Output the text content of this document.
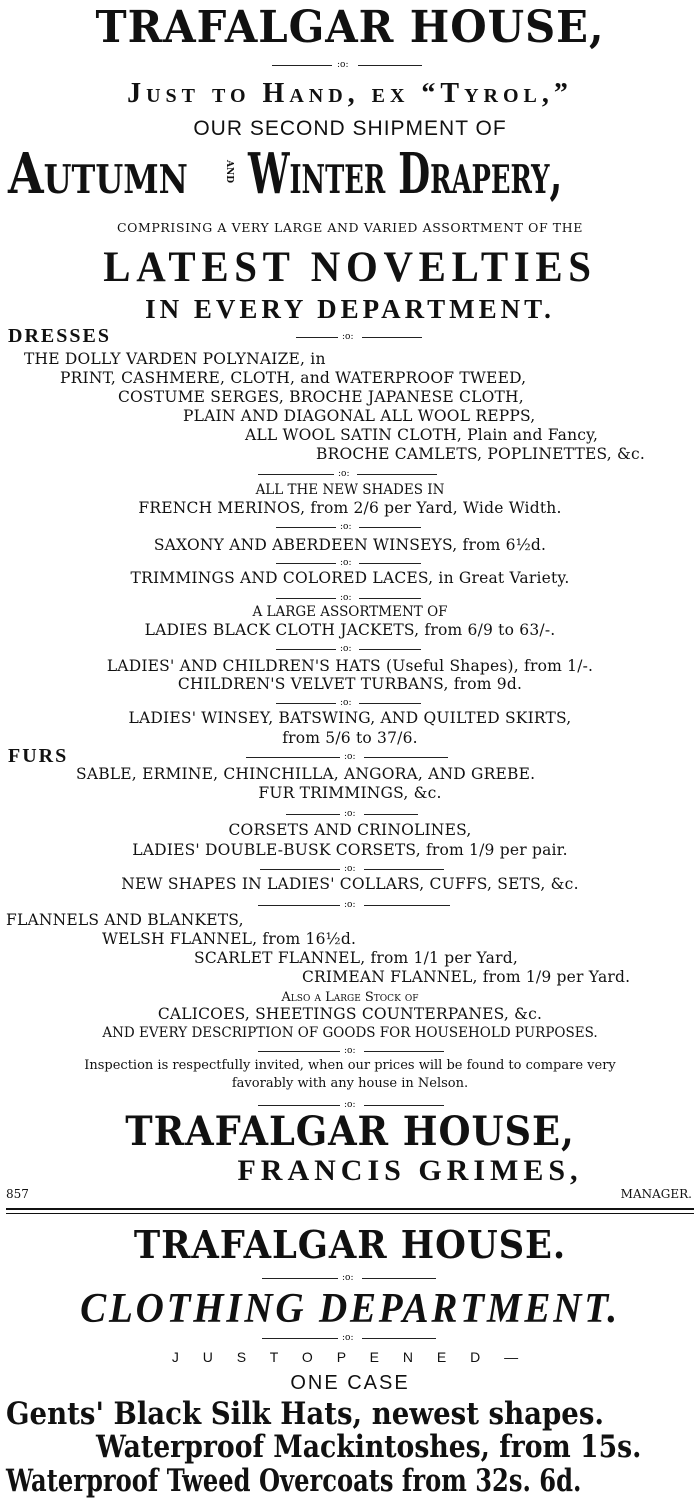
TRAFALGAR HOUSE,
:o:
Just to Hand, ex “Tyrol,”
OUR SECOND SHIPMENT OF
Autumn	AND Winter Drapery,
COMPRISING A VERY LARGE AND VARIED ASSORTMENT OF THE
LATEST NOVELTIES
IN EVERY DEPARTMENT.
DRESSES	:o:
THE DOLLY VARDEN POLYNAIZE, in
PRINT, CASHMERE, CLOTH, and WATERPROOF TWEED,
COSTUME SERGES, BROCHE JAPANESE CLOTH,
PLAIN AND DIAGONAL ALL WOOL REPPS,
ALL WOOL SATIN CLOTH, Plain and Fancy,
BROCHE CAMLETS, POPLINETTES, &c.
:o:
ALL THE NEW SHADES IN
FRENCH MERINOS, from 2/6 per Yard, Wide Width.
:o:
SAXONY AND ABERDEEN WINSEYS, from 6½d.
:o:
TRIMMINGS AND COLORED LACES, in Great Variety.
:o:
A LARGE ASSORTMENT OF
LADIES BLACK CLOTH JACKETS, from 6/9 to 63/-.
:o:
LADIES' AND CHILDREN'S HATS (Useful Shapes), from 1/-.
CHILDREN'S VELVET TURBANS, from 9d.
:o:
LADIES' WINSEY, BATSWING, AND QUILTED SKIRTS,
from 5/6 to 37/6.
FURS	:o:
SABLE, ERMINE, CHINCHILLA, ANGORA, AND GREBE.
FUR TRIMMINGS, &c.
:o:
CORSETS AND CRINOLINES,
LADIES' DOUBLE-BUSK CORSETS, from 1/9 per pair.
:o:
NEW SHAPES IN LADIES' COLLARS, CUFFS, SETS, &c.
:o:
FLANNELS AND BLANKETS,
WELSH FLANNEL, from 16½d.
SCARLET FLANNEL, from 1/1 per Yard,
CRIMEAN FLANNEL, from 1/9 per Yard.
Also a Large Stock of
CALICOES, SHEETINGS COUNTERPANES, &c.
AND EVERY DESCRIPTION OF GOODS FOR HOUSEHOLD PURPOSES.
:o:
Inspection is respectfully invited, when our prices will be found to compare very
favorably with any house in Nelson.
:o:
TRAFALGAR HOUSE,
FRANCIS GRIMES,
857	MANAGER.
TRAFALGAR HOUSE.
:o:
CLOTHING DEPARTMENT.
:o:
J U S T O P E N E D —
ONE CASE
Gents' Black Silk Hats, newest shapes.
Waterproof Mackintoshes, from 15s.
Waterproof Tweed Overcoats from 32s. 6d.
